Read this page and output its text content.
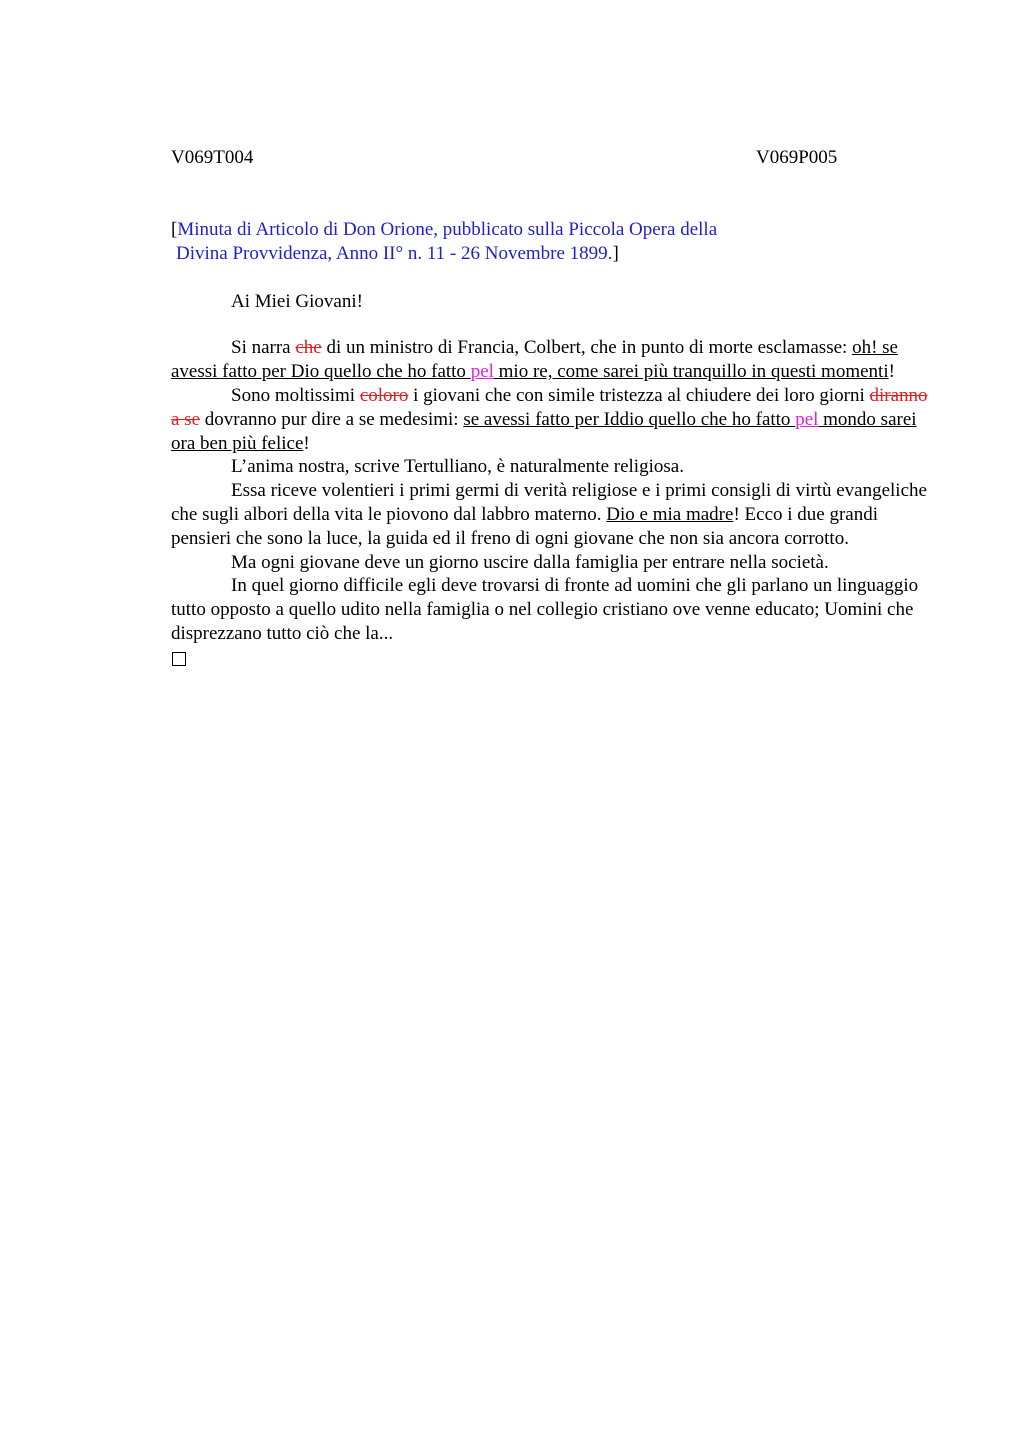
V069T004	V069P005
[Minuta di Articolo di Don Orione, pubblicato sulla Piccola Opera della
Divina Provvidenza, Anno II° n. 11 - 26 Novembre 1899.]
Ai Miei Giovani!
Si narra che di un ministro di Francia, Colbert, che in punto di morte esclamasse: oh! se avessi fatto per Dio quello che ho fatto pel mio re, come sarei più tranquillo in questi momenti!
Sono moltissimi coloro i giovani che con simile tristezza al chiudere dei loro giorni diranno a se dovranno pur dire a se medesimi: se avessi fatto per Iddio quello che ho fatto pel mondo sarei ora ben più felice!
L’anima nostra, scrive Tertulliano, è naturalmente religiosa.
Essa riceve volentieri i primi germi di verità religiose e i primi consigli di virtù evangeliche che sugli albori della vita le piovono dal labbro materno. Dio e mia madre! Ecco i due grandi pensieri che sono la luce, la guida ed il freno di ogni giovane che non sia ancora corrotto.
Ma ogni giovane deve un giorno uscire dalla famiglia per entrare nella società.
In quel giorno difficile egli deve trovarsi di fronte ad uomini che gli parlano un linguaggio tutto opposto a quello udito nella famiglia o nel collegio cristiano ove venne educato; Uomini che disprezzano tutto ciò che la...
